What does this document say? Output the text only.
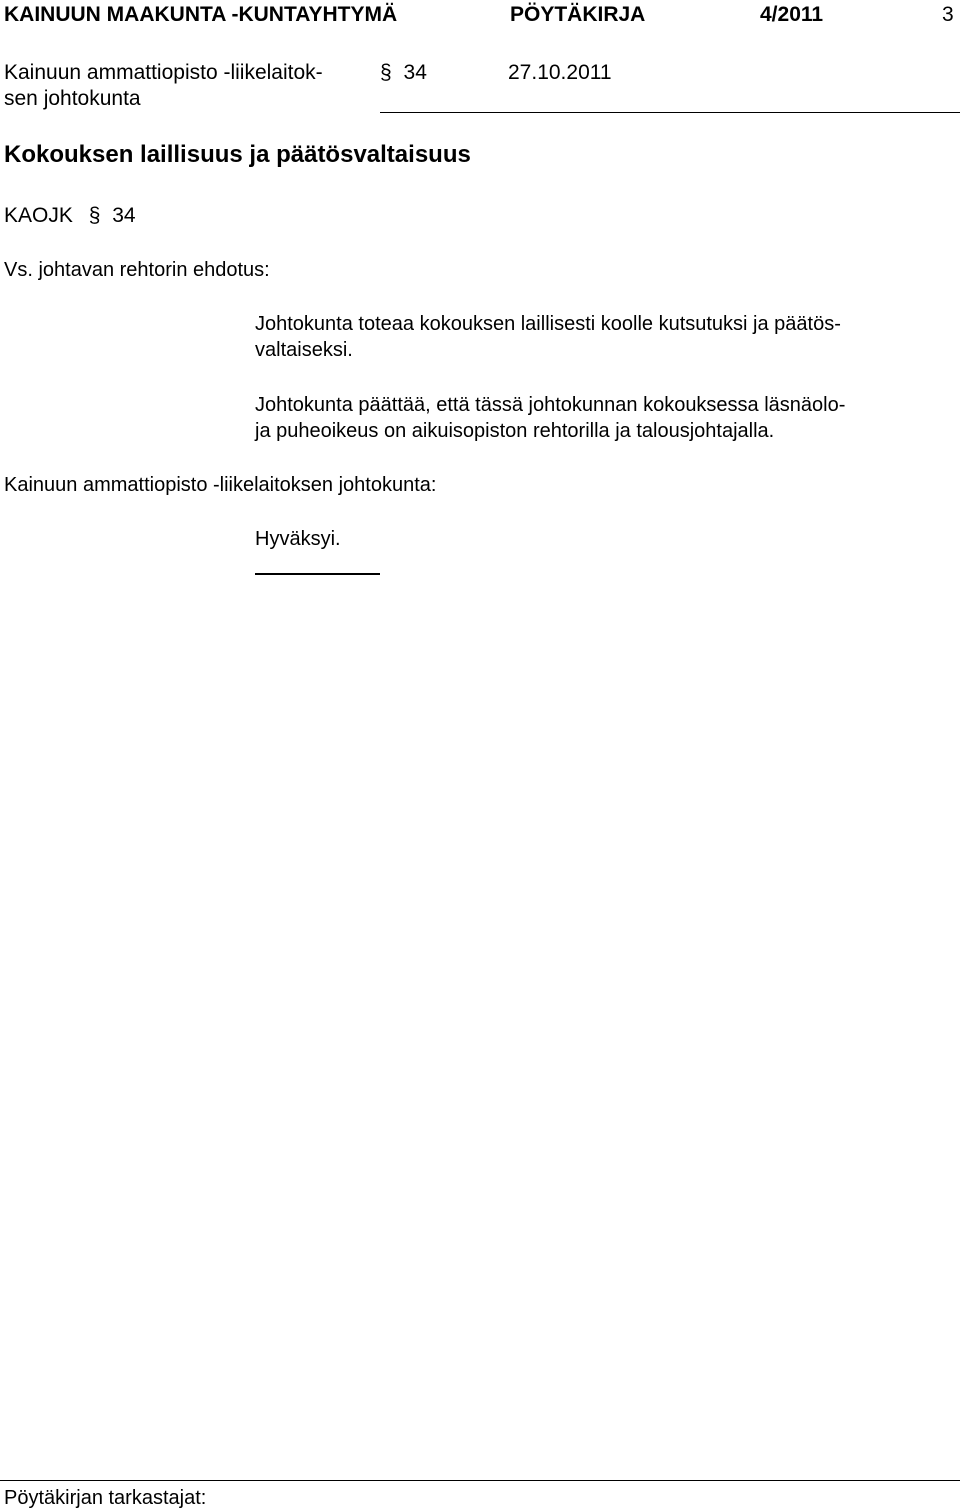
KAINUUN MAAKUNTA -KUNTAYHTYMÄ	PÖYTÄKIRJA	4/2011	3
Kainuun ammattiopisto -liikelaitok-
sen johtokunta
§ 34	27.10.2011
Kokouksen laillisuus ja päätösvaltaisuus
KAOJK § 34
Vs. johtavan rehtorin ehdotus:
Johtokunta toteaa kokouksen laillisesti koolle kutsutuksi ja päätös-
valtaiseksi.
Johtokunta päättää, että tässä johtokunnan kokouksessa läsnäolo-
ja puheoikeus on aikuisopiston rehtorilla ja talousjohtajalla.
Kainuun ammattiopisto -liikelaitoksen johtokunta:
Hyväksyi.
Pöytäkirjan tarkastajat:
